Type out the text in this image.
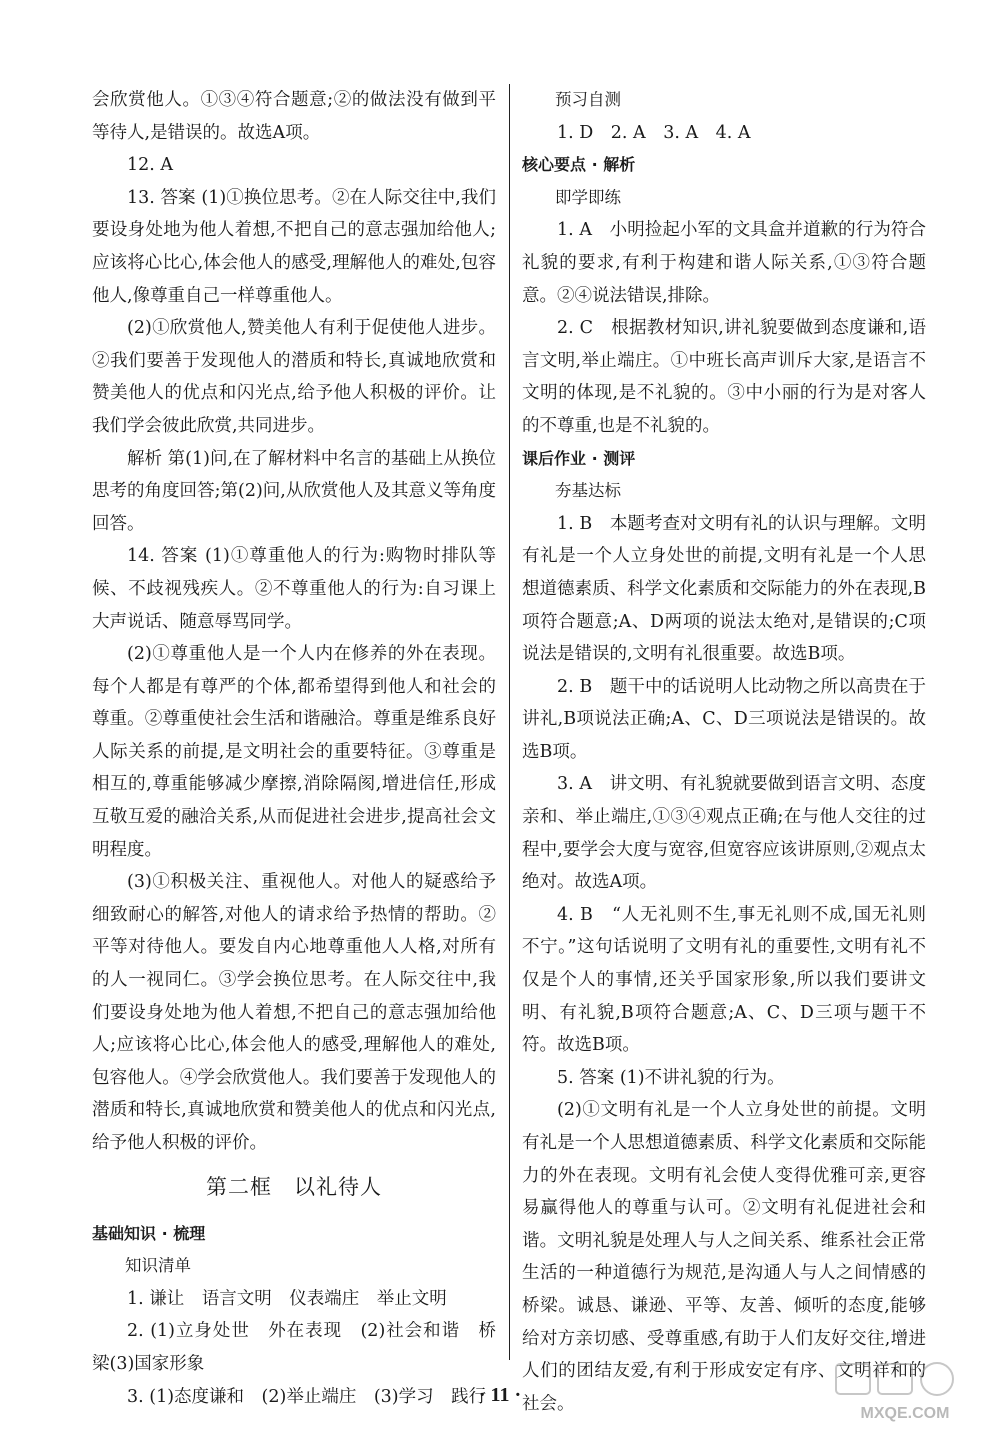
会欣赏他人。①③④符合题意;②的做法没有做到平等待人,是错误的。故选A项。

12. A

13. 答案 (1)①换位思考。②在人际交往中,我们要设身处地为他人着想,不把自己的意志强加给他人;应该将心比心,体会他人的感受,理解他人的难处,包容他人,像尊重自己一样尊重他人。

(2)①欣赏他人,赞美他人有利于促使他人进步。②我们要善于发现他人的潜质和特长,真诚地欣赏和赞美他人的优点和闪光点,给予他人积极的评价。让我们学会彼此欣赏,共同进步。

解析 第(1)问,在了解材料中名言的基础上从换位思考的角度回答;第(2)问,从欣赏他人及其意义等角度回答。

14. 答案 (1)①尊重他人的行为:购物时排队等候、不歧视残疾人。②不尊重他人的行为:自习课上大声说话、随意辱骂同学。

(2)①尊重他人是一个人内在修养的外在表现。每个人都是有尊严的个体,都希望得到他人和社会的尊重。②尊重使社会生活和谐融洽。尊重是维系良好人际关系的前提,是文明社会的重要特征。③尊重是相互的,尊重能够减少摩擦,消除隔阂,增进信任,形成互敬互爱的融洽关系,从而促进社会进步,提高社会文明程度。

(3)①积极关注、重视他人。对他人的疑惑给予细致耐心的解答,对他人的请求给予热情的帮助。②平等对待他人。要发自内心地尊重他人人格,对所有的人一视同仁。③学会换位思考。在人际交往中,我们要设身处地为他人着想,不把自己的意志强加给他人;应该将心比心,体会他人的感受,理解他人的难处,包容他人。④学会欣赏他人。我们要善于发现他人的潜质和特长,真诚地欣赏和赞美他人的优点和闪光点,给予他人积极的评价。

第二框　以礼待人

基础知识 · 梳理

知识清单

1. 谦让　语言文明　仪表端庄　举止文明

2. (1)立身处世　外在表现　(2)社会和谐　桥梁(3)国家形象

3. (1)态度谦和　(2)举止端庄　(3)学习　践行

预习自测

1. D　2. A　3. A　4. A

核心要点 · 解析

即学即练

1. A　小明捡起小军的文具盒并道歉的行为符合礼貌的要求,有利于构建和谐人际关系,①③符合题意。②④说法错误,排除。

2. C　根据教材知识,讲礼貌要做到态度谦和,语言文明,举止端庄。①中班长高声训斥大家,是语言不文明的体现,是不礼貌的。③中小丽的行为是对客人的不尊重,也是不礼貌的。

课后作业 · 测评

夯基达标

1. B　本题考查对文明有礼的认识与理解。文明有礼是一个人立身处世的前提,文明有礼是一个人思想道德素质、科学文化素质和交际能力的外在表现,B项符合题意;A、D两项的说法太绝对,是错误的;C项说法是错误的,文明有礼很重要。故选B项。

2. B　题干中的话说明人比动物之所以高贵在于讲礼,B项说法正确;A、C、D三项说法是错误的。故选B项。

3. A　讲文明、有礼貌就要做到语言文明、态度亲和、举止端庄,①③④观点正确;在与他人交往的过程中,要学会大度与宽容,但宽容应该讲原则,②观点太绝对。故选A项。

4. B　“人无礼则不生,事无礼则不成,国无礼则不宁。”这句话说明了文明有礼的重要性,文明有礼不仅是个人的事情,还关乎国家形象,所以我们要讲文明、有礼貌,B项符合题意;A、C、D三项与题干不符。故选B项。

5. 答案 (1)不讲礼貌的行为。

(2)①文明有礼是一个人立身处世的前提。文明有礼是一个人思想道德素质、科学文化素质和交际能力的外在表现。文明有礼会使人变得优雅可亲,更容易赢得他人的尊重与认可。②文明有礼促进社会和谐。文明礼貌是处理人与人之间关系、维系社会正常生活的一种道德行为规范,是沟通人与人之间情感的桥梁。诚恳、谦逊、平等、友善、倾听的态度,能够给对方亲切感、受尊重感,有助于人们友好交往,增进人们的团结友爱,有利于形成安定有序、文明祥和的社会。

· 11 ·
MXQE.COM
